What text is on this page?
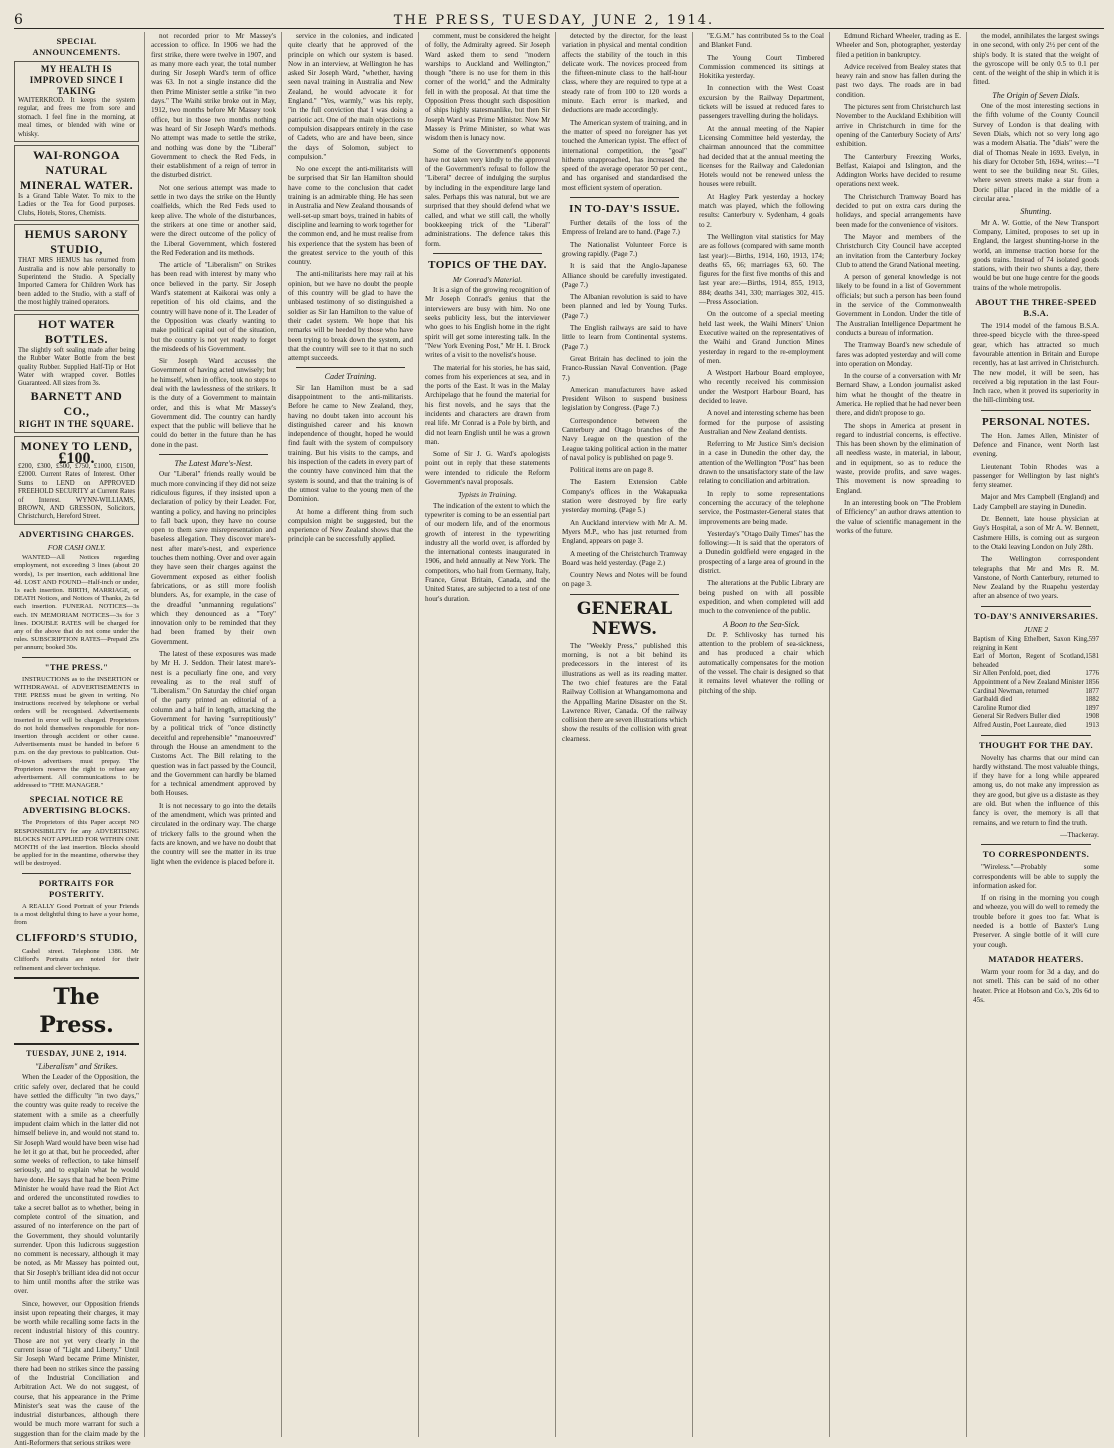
6	THE PRESS, TUESDAY, JUNE 2, 1914.
SPECIAL ANNOUNCEMENTS.
MY HEALTH IS IMPROVED SINCE I TAKING
WAITERKROD. It keeps the system regular, and frees me from sore and stomach. I feel fine in the morning, at meal times, or blended with wine or whisky.
WAI-RONGOA NATURAL MINERAL WATER.
Is a Grand Table Water. To mix to the Ladies or the Tea for Good purposes. Clubs, Hotels, Stores, Chemists.
HEMUS SARONY STUDIO,
THAT MRS HEMUS has returned from Australia and is now able personally to Superintend the Studio. A Specially Imported Camera for Children Work has been added to the Studio, with a staff of the most highly trained operators.
HOT WATER BOTTLES.
The slightly soft sealing made after being the Rubber Water Bottle from the best quality Rubber. Supplied Half-Tip or Hot Water with wrapped cover. Bottles Guaranteed. All sizes from 3s.
BARNETT AND CO.,
RIGHT IN THE SQUARE.
MONEY TO LEND,
£100.
£200, £300, £500, £750, £1000, £1500, £2000. Current Rates of Interest. Other Sums to LEND on APPROVED FREEHOLD SECURITY at Current Rates of Interest. WYNN-WILLIAMS, BROWN, AND GRESSON, Solicitors, Christchurch, Hereford Street.
ADVERTISING CHARGES.
FOR CASH ONLY.

WANTED—All Notices regarding employment, not exceeding 3 lines (about 20 words), 1s per insertion, each additional line 4d. LOST AND FOUND—Half-inch or under, 1s each insertion. BIRTH, MARRIAGE, or DEATH Notices, and Notices of Thanks, 2s 6d each insertion. FUNERAL NOTICES—3s each. IN MEMORIAM NOTICES—3s for 3 lines. DOUBLE RATES will be charged for any of the above that do not come under the rules. SUBSCRIPTION RATES—Prepaid 25s per annum; booked 30s.

"THE PRESS."

INSTRUCTIONS as to the INSERTION or WITHDRAWAL of ADVERTISEMENTS in THE PRESS must be given in writing. No instructions received by telephone or verbal orders will be recognised. Advertisements inserted in error will be charged. Proprietors do not hold themselves responsible for non-insertion through accident or other cause. Advertisements must be handed in before 6 p.m. on the day previous to publication. Out-of-town advertisers must prepay. The Proprietors reserve the right to refuse any advertisement. All communications to be addressed to "THE MANAGER."

SPECIAL NOTICE RE ADVERTISING BLOCKS.

The Proprietors of this Paper accept NO RESPONSIBILITY for any ADVERTISING BLOCKS NOT APPLIED FOR WITHIN ONE MONTH of the last insertion. Blocks should be applied for in the meantime, otherwise they will be destroyed.

PORTRAITS FOR POSTERITY.

A REALLY Good Portrait of your Friends is a most delightful thing to have a your home, from

CLIFFORD'S STUDIO,

Cashel street. Telephone 1386. Mr Clifford's Portraits are noted for their refinement and clever technique.

The Press.
TUESDAY, JUNE 2, 1914.
"Liberalism" and Strikes.

When the Leader of the Opposition, the critic safely over, declared that he could have settled the difficulty "in two days," the country was quite ready to receive the statement with a smile as a cheerfully impudent claim which in the latter did not himself believe in, and would not stand to. Sir Joseph Ward would have been wise had he let it go at that, but he proceeded, after some weeks of reflection, to take himself seriously, and to explain what he would have done. He says that had he been Prime Minister he would have read the Riot Act and ordered the unconstituted rowdies to take a secret ballot as to whether, being in complete control of the situation, and assured of no interference on the part of the Government, they should voluntarily surrender. Upon this ludicrous suggestion no comment is necessary, although it may be noted, as Mr Massey has pointed out, that Sir Joseph's brilliant idea did not occur to him until months after the strike was over.

Since, however, our Opposition friends insist upon repeating their charges, it may be worth while recalling some facts in the recent industrial history of this country. Those are not yet very clearly in the current issue of "Light and Liberty." Until Sir Joseph Ward became Prime Minister, there had been no strikes since the passing of the Industrial Conciliation and Arbitration Act. We do not suggest, of course, that his appearance in the Prime Minister's seat was the cause of the industrial disturbances, although there would be much more warrant for such a suggestion than for the claim made by the Anti-Reformers that serious strikes were

not recorded prior to Mr Massey's accession to office. In 1906 we had the first strike, there were twelve in 1907, and as many more each year, the total number during Sir Joseph Ward's term of office was 63. In not a single instance did the then Prime Minister settle a strike "in two days." The Waihi strike broke out in May, 1912, two months before Mr Massey took office, but in those two months nothing was heard of Sir Joseph Ward's methods. No attempt was made to settle the strike, and nothing was done by the "Liberal" Government to check the Red Feds, in their establishment of a reign of terror in the disturbed district.

Not one serious attempt was made to settle in two days the strike on the Huntly coalfields, which the Red Feds used to keep alive. The whole of the disturbances, the strikers at one time or another said, were the direct outcome of the policy of the Liberal Government, which fostered the Red Federation and its methods.

The article of "Liberalism" on Strikes has been read with interest by many who once believed in the party. Sir Joseph Ward's statement at Kaikorai was only a repetition of his old claims, and the country will have none of it. The Leader of the Opposition was clearly wanting to make political capital out of the situation, but the country is not yet ready to forget the misdeeds of his Government.

Sir Joseph Ward accuses the Government of having acted unwisely; but he himself, when in office, took no steps to deal with the lawlessness of the strikers. It is the duty of a Government to maintain order, and this is what Mr Massey's Government did. The country can hardly expect that the public will believe that he could do better in the future than he has done in the past.

The Latest Mare's-Nest.

Our "Liberal" friends really would be much more convincing if they did not seize ridiculous figures, if they insisted upon a declaration of policy by their Leader. For, wanting a policy, and having no principles to fall back upon, they have no course open to them save misrepresentation and baseless allegation. They discover mare's-nest after mare's-nest, and experience touches them nothing. Over and over again they have seen their charges against the Government exposed as either foolish fabrications, or as still more foolish blunders. As, for example, in the case of the dreadful "unmanning regulations" which they denounced as a "Tory" innovation only to be reminded that they had been framed by their own Government.

The latest of these exposures was made by Mr H. J. Seddon. Their latest mare's-nest is a peculiarly fine one, and very revealing as to the real stuff of "Liberalism." On Saturday the chief organ of the party printed an editorial of a column and a half in length, attacking the Government for having "surreptitiously" by a political trick of "once distinctly deceitful and reprehensible" "manoeuvred" through the House an amendment to the Customs Act. The Bill relating to the question was in fact passed by the Council, and the Government can hardly be blamed for a technical amendment approved by both Houses.

It is not necessary to go into the details of the amendment, which was printed and circulated in the ordinary way. The charge of trickery falls to the ground when the facts are known, and we have no doubt that the country will see the matter in its true light when the evidence is placed before it.

service in the colonies, and indicated quite clearly that he approved of the principle on which our system is based. Now in an interview, at Wellington he has asked Sir Joseph Ward, "whether, having seen naval training in Australia and New Zealand, he would advocate it for England." "Yes, warmly," was his reply, "in the full conviction that I was doing a patriotic act. One of the main objections to compulsion disappears entirely in the case of Cadets, who are and have been, since the days of Solomon, subject to compulsion."

No one except the anti-militarists will be surprised that Sir Ian Hamilton should have come to the conclusion that cadet training is an admirable thing. He has seen in Australia and New Zealand thousands of well-set-up smart boys, trained in habits of discipline and learning to work together for the common end, and he must realise from his experience that the system has been of the greatest service to the youth of this country.

The anti-militarists here may rail at his opinion, but we have no doubt the people of this country will be glad to have the unbiased testimony of so distinguished a soldier as Sir Ian Hamilton to the value of their cadet system. We hope that his remarks will be heeded by those who have been trying to break down the system, and that the country will see to it that no such attempt succeeds.

Cadet Training.

Sir Ian Hamilton must be a sad disappointment to the anti-militarists. Before he came to New Zealand, they, having no doubt taken into account his distinguished career and his known independence of thought, hoped he would find fault with the system of compulsory training. But his visits to the camps, and his inspection of the cadets in every part of the country have convinced him that the system is sound, and that the training is of the utmost value to the young men of the Dominion.

At home a different thing from such compulsion might be suggested, but the experience of New Zealand shows that the principle can be successfully applied.

comment, must be considered the height of folly, the Admiralty agreed. Sir Joseph Ward asked them to send "modern warships to Auckland and Wellington," though "there is no use for them in this corner of the world," and the Admiralty fell in with the proposal. At that time the Opposition Press thought such disposition of ships highly statesmanlike, but then Sir Joseph Ward was Prime Minister. Now Mr Massey is Prime Minister, so what was wisdom then is lunacy now.

Some of the Government's opponents have not taken very kindly to the approval of the Government's refusal to follow the "Liberal" decree of indulging the surplus by including in the expenditure large land sales. Perhaps this was natural, but we are surprised that they should defend what we called, and what we still call, the wholly bookkeeping trick of the "Liberal" administrations. The defence takes this form.

TOPICS OF THE DAY.
Mr Conrad's Material.

It is a sign of the growing recognition of Mr Joseph Conrad's genius that the interviewers are busy with him. No one seeks publicity less, but the interviewer who goes to his English home in the right spirit will get some interesting talk. In the "New York Evening Post," Mr H. I. Brock writes of a visit to the novelist's house.

The material for his stories, he has said, comes from his experiences at sea, and in the ports of the East. It was in the Malay Archipelago that he found the material for his first novels, and he says that the incidents and characters are drawn from real life. Mr Conrad is a Pole by birth, and did not learn English until he was a grown man.

Some of Sir J. G. Ward's apologists point out in reply that these statements were intended to ridicule the Reform Government's naval proposals.

Typists in Training.

The indication of the extent to which the typewriter is coming to be an essential part of our modern life, and of the enormous growth of interest in the typewriting industry all the world over, is afforded by the international contests inaugurated in 1906, and held annually at New York. The competitors, who hail from Germany, Italy, France, Great Britain, Canada, and the United States, are subjected to a test of one hour's duration.

detected by the director, for the least variation in physical and mental condition affects the stability of the touch in this delicate work. The novices proceed from the fifteen-minute class to the half-hour class, where they are required to type at a steady rate of from 100 to 120 words a minute. Each error is marked, and deductions are made accordingly.

The American system of training, and in the matter of speed no foreigner has yet touched the American typist. The effect of international competition, the "goal" hitherto unapproached, has increased the speed of the average operator 50 per cent., and has organised and standardised the most efficient system of operation.

IN TO-DAY'S ISSUE.

Further details of the loss of the Empress of Ireland are to hand. (Page 7.)

The Nationalist Volunteer Force is growing rapidly. (Page 7.)

It is said that the Anglo-Japanese Alliance should be carefully investigated. (Page 7.)

The Albanian revolution is said to have been planned and led by Young Turks. (Page 7.)

The English railways are said to have little to learn from Continental systems. (Page 7.)

Great Britain has declined to join the Franco-Russian Naval Convention. (Page 7.)

American manufacturers have asked President Wilson to suspend business legislation by Congress. (Page 7.)

Correspondence between the Canterbury and Otago branches of the Navy League on the question of the League taking political action in the matter of naval policy is published on page 9.

Political items are on page 8.

The Eastern Extension Cable Company's offices in the Wakapuaka station were destroyed by fire early yesterday morning. (Page 5.)

An Auckland interview with Mr A. M. Myers M.P., who has just returned from England, appears on page 3.

A meeting of the Christchurch Tramway Board was held yesterday. (Page 2.)

Country News and Notes will be found on page 3.

GENERAL NEWS.

The "Weekly Press," published this morning, is not a bit behind its predecessors in the interest of its illustrations as well as its reading matter. The two chief features are the Fatal Railway Collision at Whangamomona and the Appalling Marine Disaster on the St. Lawrence River, Canada. Of the railway collision there are seven illustrations which show the results of the collision with great clearness.

"E.G.M." has contributed 5s to the Coal and Blanket Fund.

The Young Court Timbered Commission commenced its sittings at Hokitika yesterday.

In connection with the West Coast excursion by the Railway Department, tickets will be issued at reduced fares to passengers travelling during the holidays.

At the annual meeting of the Napier Licensing Committee held yesterday, the chairman announced that the committee had decided that at the annual meeting the licenses for the Railway and Caledonian Hotels would not be renewed unless the houses were rebuilt.

At Hagley Park yesterday a hockey match was played, which the following results: Canterbury v. Sydenham, 4 goals to 2.

The Wellington vital statistics for May are as follows (compared with same month last year):—Births, 1914, 160, 1913, 174; deaths 65, 66; marriages 63, 60. The figures for the first five months of this and last year are:—Births, 1914, 855, 1913, 884; deaths 341, 330; marriages 302, 415.—Press Association.

On the outcome of a special meeting held last week, the Waihi Miners' Union Executive waited on the representatives of the Waihi and Grand Junction Mines yesterday in regard to the re-employment of men.

A Westport Harbour Board employee, who recently received his commission under the Westport Harbour Board, has decided to leave.

A novel and interesting scheme has been formed for the purpose of assisting Australian and New Zealand dentists.

Referring to Mr Justice Sim's decision in a case in Dunedin the other day, the attention of the Wellington "Post" has been drawn to the unsatisfactory state of the law relating to conciliation and arbitration.

In reply to some representations concerning the accuracy of the telephone service, the Postmaster-General states that improvements are being made.

Yesterday's "Otago Daily Times" has the following:—It is said that the operators of a Dunedin goldfield were engaged in the prospecting of a large area of ground in the district.

The alterations at the Public Library are being pushed on with all possible expedition, and when completed will add much to the convenience of the public.

A Boon to the Sea-Sick.

Dr. P. Schlivosky has turned his attention to the problem of sea-sickness, and has produced a chair which automatically compensates for the motion of the vessel. The chair is designed so that it remains level whatever the rolling or pitching of the ship.

Edmund Richard Wheeler, trading as E. Wheeler and Son, photographer, yesterday filed a petition in bankruptcy.

Advice received from Bealey states that heavy rain and snow has fallen during the past two days. The roads are in bad condition.

The pictures sent from Christchurch last November to the Auckland Exhibition will arrive in Christchurch in time for the opening of the Canterbury Society of Arts' exhibition.

The Canterbury Freezing Works, Belfast, Kaiapoi and Islington, and the Addington Works have decided to resume operations next week.

The Christchurch Tramway Board has decided to put on extra cars during the holidays, and special arrangements have been made for the convenience of visitors.

The Mayor and members of the Christchurch City Council have accepted an invitation from the Canterbury Jockey Club to attend the Grand National meeting.

A person of general knowledge is not likely to be found in a list of Government officials; but such a person has been found in the service of the Commonwealth Government in London. Under the title of The Australian Intelligence Department he conducts a bureau of information.

The Tramway Board's new schedule of fares was adopted yesterday and will come into operation on Monday.

In the course of a conversation with Mr Bernard Shaw, a London journalist asked him what he thought of the theatre in America. He replied that he had never been there, and didn't propose to go.

The shops in America at present in regard to industrial concerns, is effective. This has been shown by the elimination of all needless waste, in material, in labour, and in equipment, so as to reduce the waste, provide profits, and save wages. This movement is now spreading to England.

In an interesting book on "The Problem of Efficiency" an author draws attention to the value of scientific management in the works of the future.

the model, annihilates the largest swings in one second, with only 2½ per cent of the ship's body. It is stated that the weight of the gyroscope will be only 0.5 to 0.1 per cent. of the weight of the ship in which it is fitted.

The Origin of Seven Dials.

One of the most interesting sections in the fifth volume of the County Council Survey of London is that dealing with Seven Dials, which not so very long ago was a modern Alsatia. The "dials" were the dial of Thomas Neale in 1693. Evelyn, in his diary for October 5th, 1694, writes:—"I went to see the building near St. Giles, where seven streets make a star from a Doric pillar placed in the middle of a circular area."

Shunting.

Mr A. W. Gottie, of the New Transport Company, Limited, proposes to set up in England, the largest shunting-horse in the world, an immense traction horse for the goods trains. Instead of 74 isolated goods stations, with their two shunts a day, there would be but one huge centre for the goods trains of the whole metropolis.

ABOUT THE THREE-SPEED B.S.A.

The 1914 model of the famous B.S.A. three-speed bicycle with the three-speed gear, which has attracted so much favourable attention in Britain and Europe recently, has at last arrived in Christchurch. The new model, it will be seen, has received a big reputation in the last Four-Inch race, when it proved its superiority in the hill-climbing test.

PERSONAL NOTES.

The Hon. James Allen, Minister of Defence and Finance, went North last evening.

Lieutenant Tobin Rhodes was a passenger for Wellington by last night's ferry steamer.

Major and Mrs Campbell (England) and Lady Campbell are staying in Dunedin.

Dr. Bennett, late house physician at Guy's Hospital, a son of Mr A. W. Bennett, Cashmere Hills, is coming out as surgeon to the Otaki leaving London on July 28th.

The Wellington correspondent telegraphs that Mr and Mrs R. M. Vanstone, of North Canterbury, returned to New Zealand by the Ruapehu yesterday after an absence of two years.

TO-DAY'S ANNIVERSARIES.
JUNE 2
Baptism of King Ethelbert, Saxon King, reigning in Kent
597
Earl of Morton, Regent of Scotland, beheaded
1581
Sir Allen Penfold, poet, died	1776
Appointment of a New Zealand Minister 1856
Cardinal Newman, returned	1877
Garibaldi died	1882
Caroline Rumor died	1897
General Sir Redvers Buller died	1908
Alfred Austin, Poet Laureate, died	1913
THOUGHT FOR THE DAY.

Novelty has charms that our mind can hardly withstand. The most valuable things, if they have for a long while appeared among us, do not make any impression as they are good, but give us a distaste as they are old. But when the influence of this fancy is over, the memory is all that remains, and we return to find the truth.

—Thackeray.
TO CORRESPONDENTS.

"Wireless."—Probably some correspondents will be able to supply the information asked for.

If on rising in the morning you cough and wheeze, you will do well to remedy the trouble before it goes too far. What is needed is a bottle of Baxter's Lung Preserver. A single bottle of it will cure your cough.

MATADOR HEATERS.

Warm your room for 3d a day, and do not smell. This can be said of no other heater. Price at Hobson and Co.'s, 20s 6d to 45s.
